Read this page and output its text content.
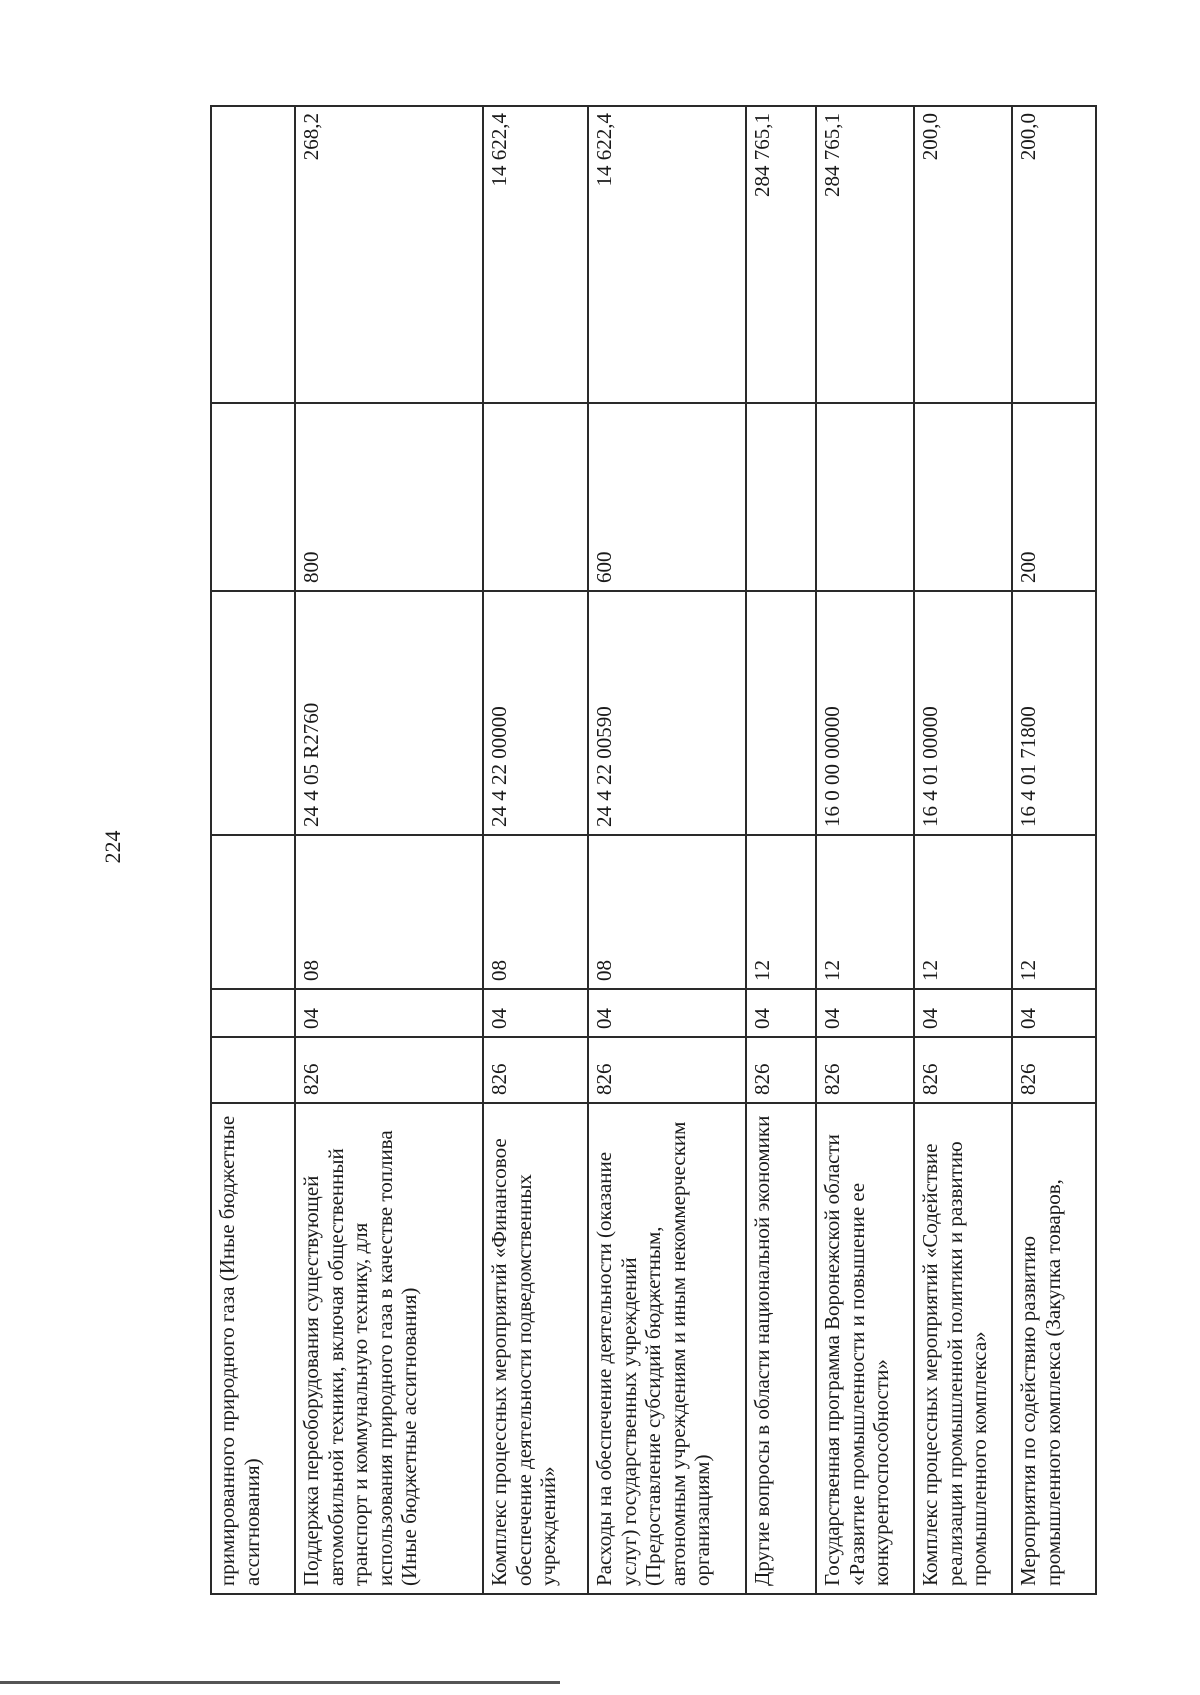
224
примированного природного газа (Иные бюджетные ассигнования)						
Поддержка переоборудования существующей автомобильной техники, включая общественный транспорт и коммунальную технику, для использования природного газа в качестве топлива (Иные бюджетные ассигнования)	826	04	08	24 4 05 R2760	800	268,2
Комплекс процессных мероприятий «Финансовое обеспечение деятельности подведомственных учреждений»	826	04	08	24 4 22 00000		14 622,4
Расходы на обеспечение деятельности (оказание услуг) государственных учреждений (Предоставление субсидий бюджетным, автономным учреждениям и иным некоммерческим организациям)	826	04	08	24 4 22 00590	600	14 622,4
Другие вопросы в области национальной экономики	826	04	12			284 765,1
Государственная программа Воронежской области «Развитие промышленности и повышение ее конкурентоспособности»	826	04	12	16 0 00 00000		284 765,1
Комплекс процессных мероприятий «Содействие реализации промышленной политики и развитию промышленного комплекса»	826	04	12	16 4 01 00000		200,0
Мероприятия по содействию развитию промышленного комплекса (Закупка товаров,	826	04	12	16 4 01 71800	200	200,0
